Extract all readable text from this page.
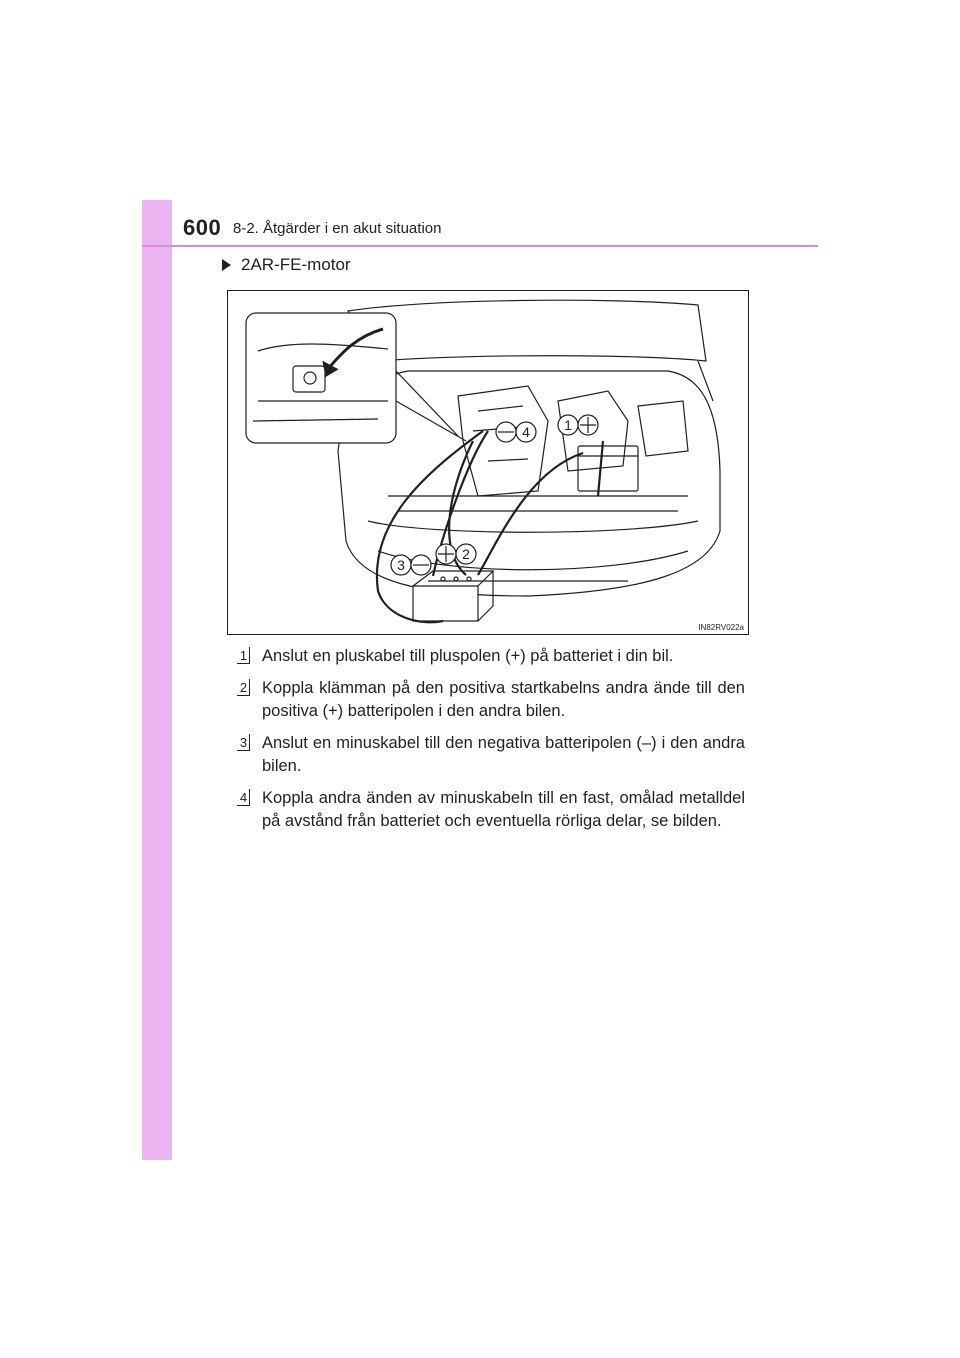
600 8-2. Åtgärder i en akut situation
2AR-FE-motor
4 1
3
2
IN82RV022a
1 Anslut en pluskabel till pluspolen (+) på batteriet i din bil.
2 Koppla klämman på den positiva startkabelns andra ände till den positiva (+) batteripolen i den andra bilen.
3 Anslut en minuskabel till den negativa batteripolen (–) i den andra bilen.
4 Koppla andra änden av minuskabeln till en fast, omålad metalldel på avstånd från batteriet och eventuella rörliga delar, se bilden.
